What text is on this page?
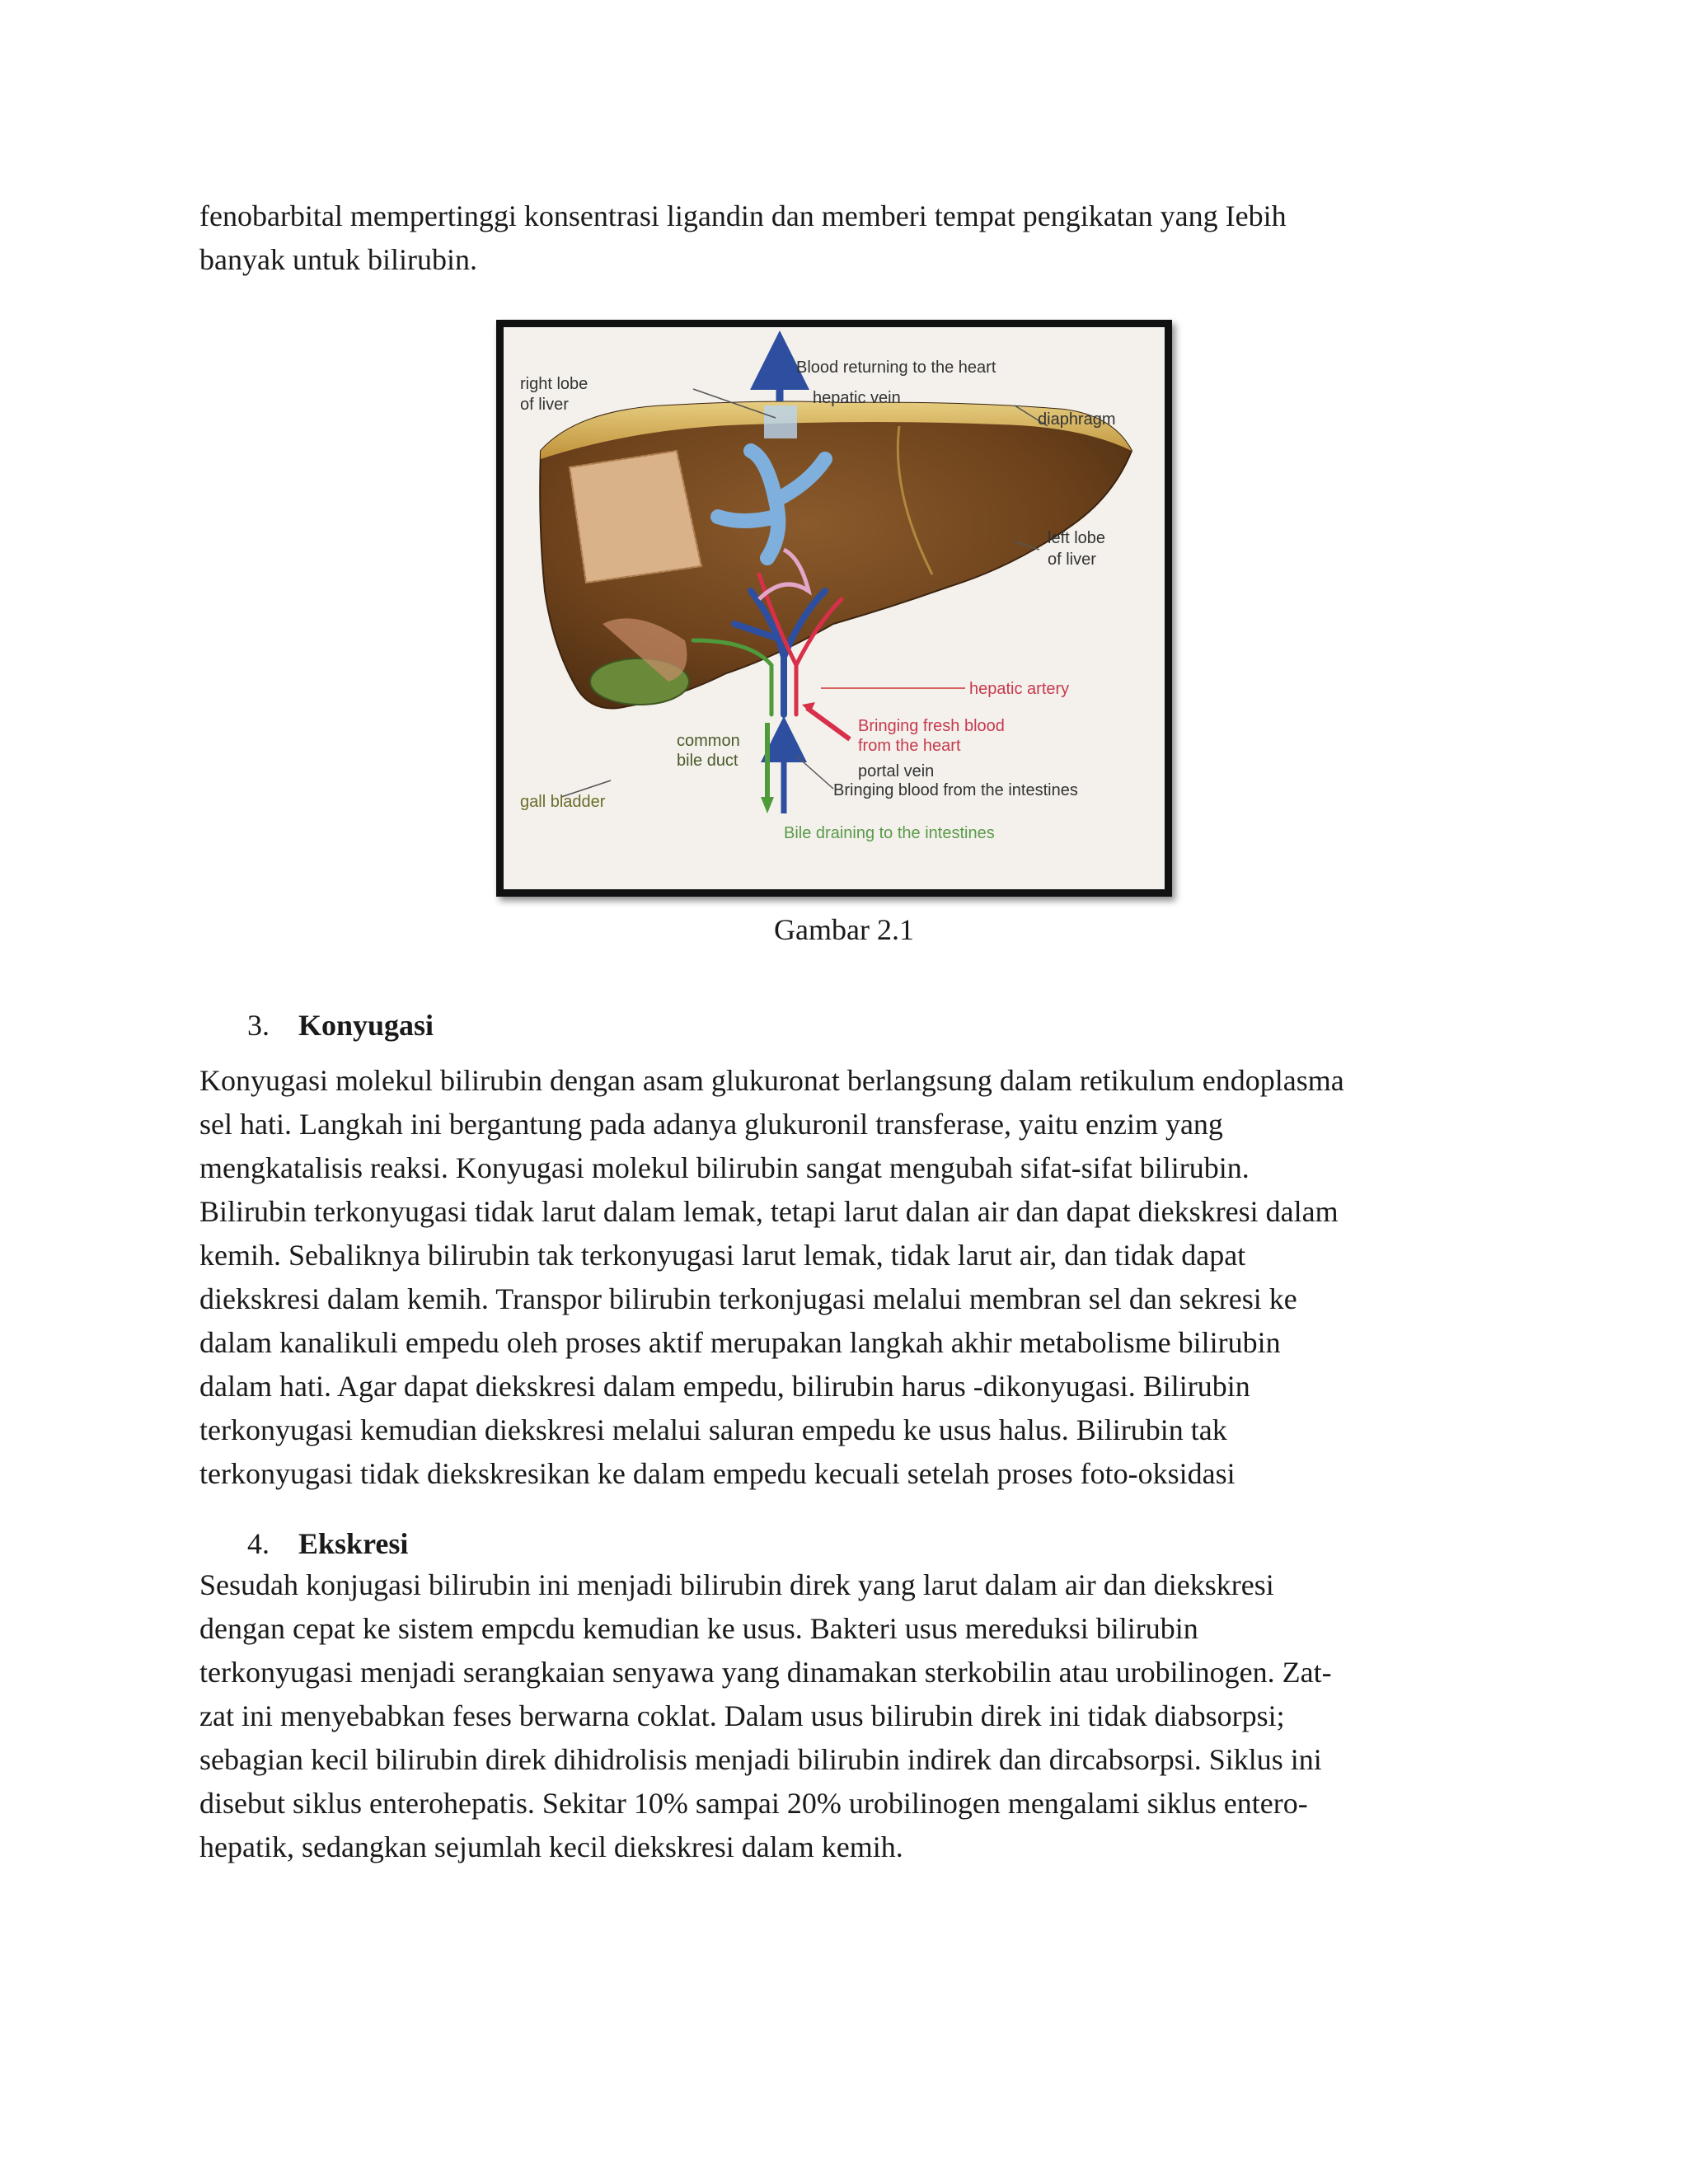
fenobarbital mempertinggi konsentrasi ligandin dan memberi tempat pengikatan yang Iebih
banyak untuk bilirubin.

Blood returning to the heart
hepatic vein
right lobe
of liver
diaphragm
left lobe
of liver
hepatic artery
Bringing fresh blood
from the heart
common
bile duct
portal vein
Bringing blood from the intestines
gall bladder
Bile draining to the intestines
Gambar 2.1
3. Konyugasi

Konyugasi molekul bilirubin dengan asam glukuronat berlangsung dalam retikulum endoplasma
sel hati. Langkah ini bergantung pada adanya glukuronil transferase, yaitu enzim yang
mengkatalisis reaksi. Konyugasi molekul bilirubin sangat mengubah sifat-sifat bilirubin.
Bilirubin terkonyugasi tidak larut dalam lemak, tetapi larut dalan air dan dapat diekskresi dalam
kemih. Sebaliknya bilirubin tak terkonyugasi larut lemak, tidak larut air, dan tidak dapat
diekskresi dalam kemih. Transpor bilirubin terkonjugasi melalui membran sel dan sekresi ke
dalam kanalikuli empedu oleh proses aktif merupakan langkah akhir metabolisme bilirubin
dalam hati. Agar dapat diekskresi dalam empedu, bilirubin harus -dikonyugasi. Bilirubin
terkonyugasi kemudian diekskresi melalui saluran empedu ke usus halus. Bilirubin tak
terkonyugasi tidak diekskresikan ke dalam empedu kecuali setelah proses foto-oksidasi

4. Ekskresi

Sesudah konjugasi bilirubin ini menjadi bilirubin direk yang larut dalam air dan diekskresi
dengan cepat ke sistem empcdu kemudian ke usus. Bakteri usus mereduksi bilirubin
terkonyugasi menjadi serangkaian senyawa yang dinamakan sterkobilin atau urobilinogen. Zat-
zat ini menyebabkan feses berwarna coklat. Dalam usus bilirubin direk ini tidak diabsorpsi;
sebagian kecil bilirubin direk dihidrolisis menjadi bilirubin indirek dan dircabsorpsi. Siklus ini
disebut siklus enterohepatis. Sekitar 10% sampai 20% urobilinogen mengalami siklus entero-
hepatik, sedangkan sejumlah kecil diekskresi dalam kemih.
